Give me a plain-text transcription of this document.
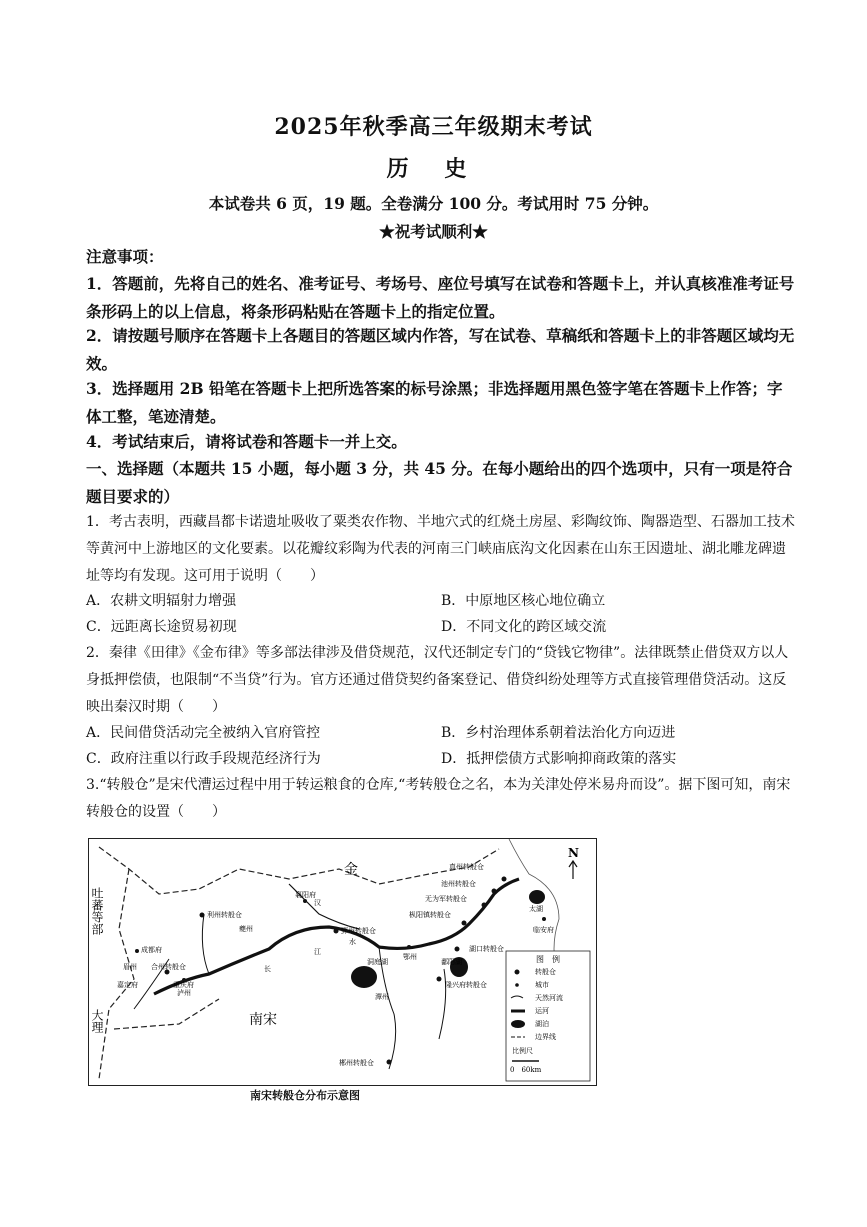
2025年秋季高三年级期末考试
历 史
本试卷共 6 页，19 题。全卷满分 100 分。考试用时 75 分钟。
★祝考试顺利★
注意事项：
1．答题前，先将自己的姓名、准考证号、考场号、座位号填写在试卷和答题卡上，并认真核准准考证号条形码上的以上信息，将条形码粘贴在答题卡上的指定位置。
2．请按题号顺序在答题卡上各题目的答题区域内作答，写在试卷、草稿纸和答题卡上的非答题区域均无效。
3．选择题用 2B 铅笔在答题卡上把所选答案的标号涂黑；非选择题用黑色签字笔在答题卡上作答；字体工整，笔迹清楚。
4．考试结束后，请将试卷和答题卡一并上交。
一、选择题（本题共 15 小题，每小题 3 分，共 45 分。在每小题给出的四个选项中，只有一项是符合题目要求的）
1．考古表明，西藏昌都卡诺遗址吸收了粟类农作物、半地穴式的红烧土房屋、彩陶纹饰、陶器造型、石器加工技术等黄河中上游地区的文化要素。以花瓣纹彩陶为代表的河南三门峡庙底沟文化因素在山东王因遗址、湖北雕龙碑遗址等均有发现。这可用于说明（　　）
A．农耕文明辐射力增强	B．中原地区核心地位确立
C．远距离长途贸易初现	D．不同文化的跨区域交流
2．秦律《田律》《金布律》等多部法律涉及借贷规范，汉代还制定专门的“贷钱它物律”。法律既禁止借贷双方以人身抵押偿债，也限制“不当贷”行为。官方还通过借贷契约备案登记、借贷纠纷处理等方式直接管理借贷活动。这反映出秦汉时期（　　）
A．民间借贷活动完全被纳入官府管控	B．乡村治理体系朝着法治化方向迈进
C．政府注重以行政手段规范经济行为	D．抵押偿债方式影响抑商政策的落实
3.“转般仓”是宋代漕运过程中用于转运粮食的仓库,“考转般仓之名，本为关津处停米易舟而设”。据下图可知，南宋转般仓的设置（　　）
金
南宋
吐蕃等部
大理
N
利州转般仓
合州转般仓
重庆府
泸州
成都府
眉州
嘉定府
夔州
襄阳府
郢州转般仓
真州转般仓
池州转般仓
无为军转般仓
枞阳镇转般仓
湖口转般仓
隆兴府转般仓
郴州转般仓
洞庭湖	鄱阳湖
鄂州
江
汉
水
长
潭州
太湖
临安府
图　例
转般仓
城市
天然河流
运河
湖泊
边界线
比例尺
0　60km
南宋转般仓分布示意图
